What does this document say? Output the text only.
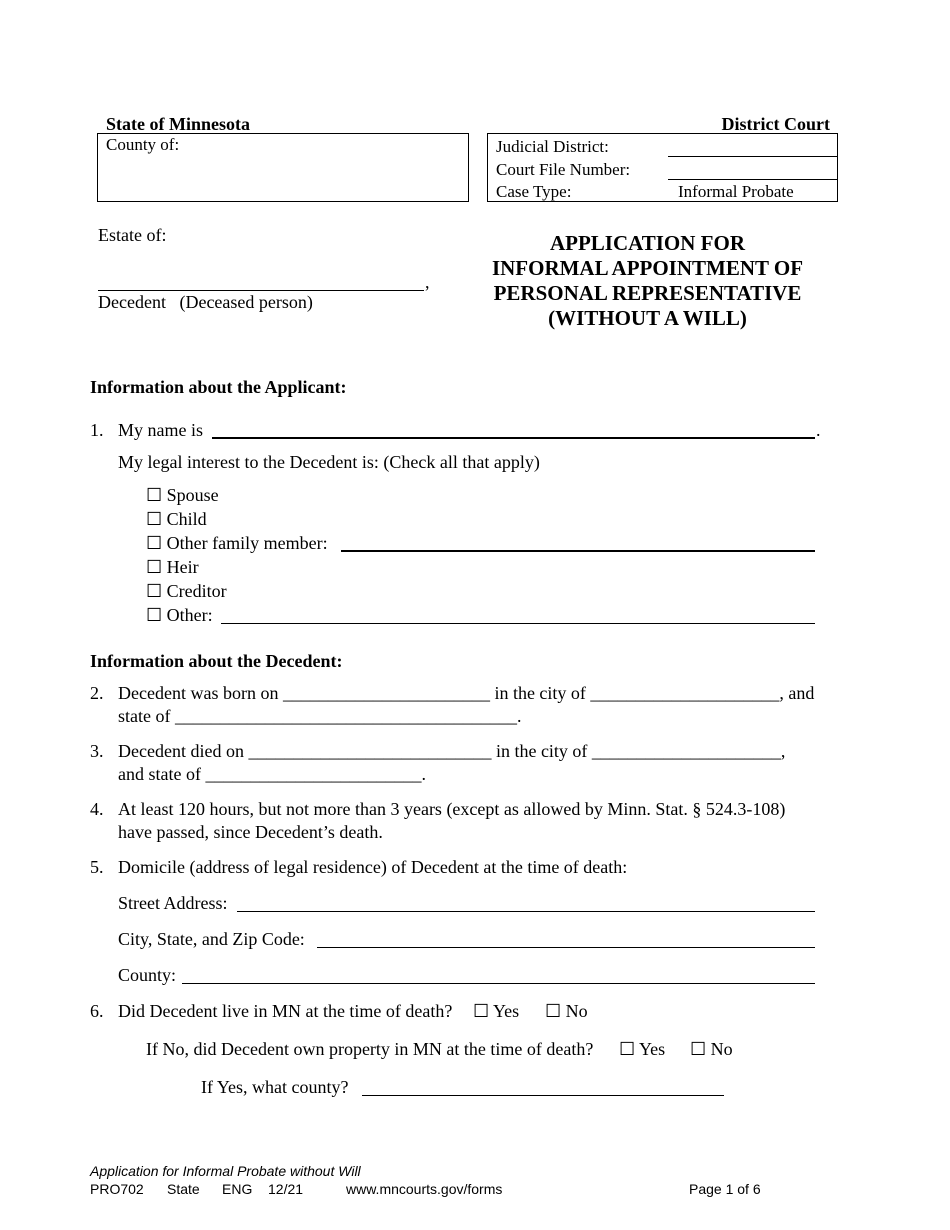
State of Minnesota	District Court
County of:	Judicial District:
Court File Number:
Case Type:	Informal Probate
Estate of:
,
Decedent   (Deceased person)
APPLICATION FOR
INFORMAL APPOINTMENT OF
PERSONAL REPRESENTATIVE
(WITHOUT A WILL)
Information about the Applicant:
1. My name is	.
My legal interest to the Decedent is: (Check all that apply)
☐ Spouse
☐ Child
☐ Other family member:
☐ Heir
☐ Creditor
☐ Other:
Information about the Decedent:
2. Decedent was born on _______________________ in the city of _____________________, and
state of ______________________________________.
3. Decedent died on ___________________________ in the city of _____________________,
and state of ________________________.
4. At least 120 hours, but not more than 3 years (except as allowed by Minn. Stat. § 524.3-108)
have passed, since Decedent’s death.
5. Domicile (address of legal residence) of Decedent at the time of death:
Street Address:
City, State, and Zip Code:
County:
6. Did Decedent live in MN at the time of death? ☐ Yes ☐ No
If No, did Decedent own property in MN at the time of death? ☐ Yes ☐ No
If Yes, what county?
Application for Informal Probate without Will
PRO702 State ENG 12/21	www.mncourts.gov/forms	Page 1 of 6
